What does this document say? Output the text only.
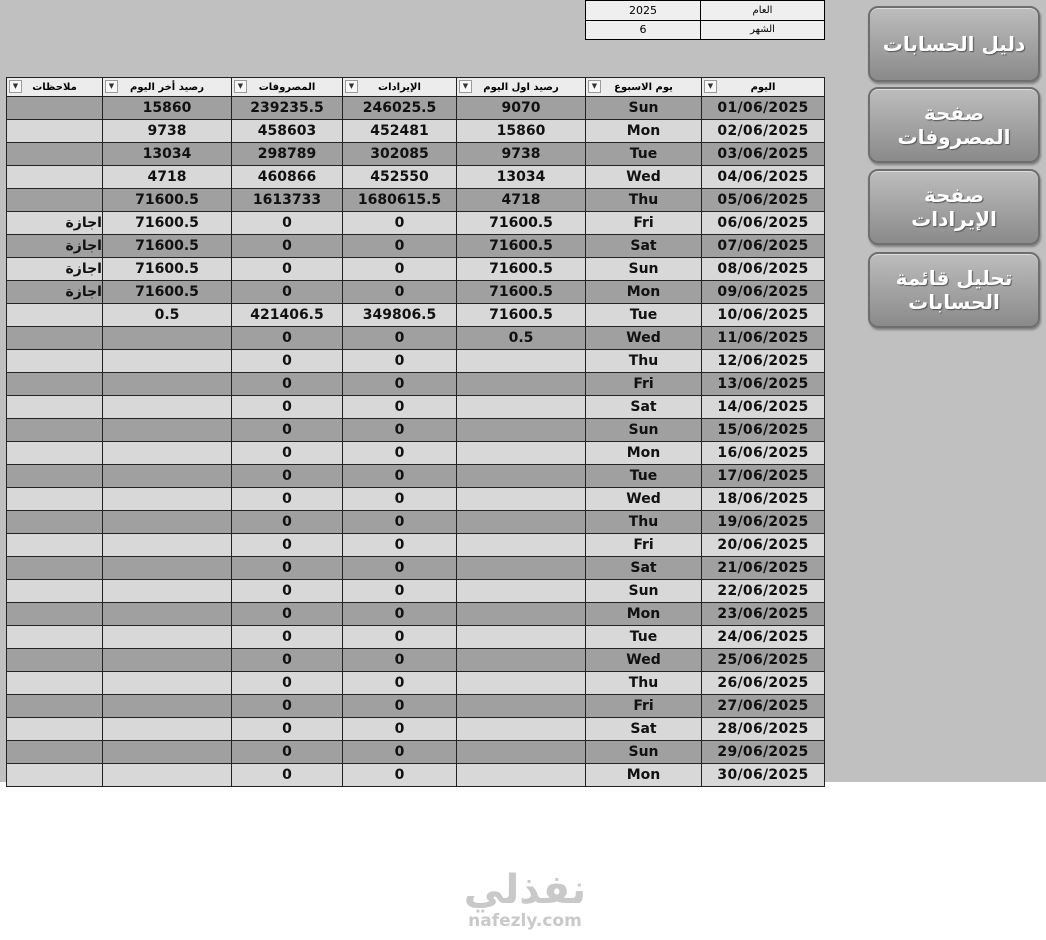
2025	العام
6	الشهر
▼ ملاحظات	▼ رصيد أخر اليوم	▼ المصروفات	▼ الإيرادات	▼ رصيد اول اليوم	▼ يوم الاسبوع	▼ اليوم
	15860	239235.5	246025.5	9070	Sun	01/06/2025
	9738	458603	452481	15860	Mon	02/06/2025
	13034	298789	302085	9738	Tue	03/06/2025
	4718	460866	452550	13034	Wed	04/06/2025
	71600.5	1613733	1680615.5	4718	Thu	05/06/2025
اجازة	71600.5	0	0	71600.5	Fri	06/06/2025
اجازة	71600.5	0	0	71600.5	Sat	07/06/2025
اجازة	71600.5	0	0	71600.5	Sun	08/06/2025
اجازة	71600.5	0	0	71600.5	Mon	09/06/2025
	0.5	421406.5	349806.5	71600.5	Tue	10/06/2025
		0	0	0.5	Wed	11/06/2025
		0	0		Thu	12/06/2025
		0	0		Fri	13/06/2025
		0	0		Sat	14/06/2025
		0	0		Sun	15/06/2025
		0	0		Mon	16/06/2025
		0	0		Tue	17/06/2025
		0	0		Wed	18/06/2025
		0	0		Thu	19/06/2025
		0	0		Fri	20/06/2025
		0	0		Sat	21/06/2025
		0	0		Sun	22/06/2025
		0	0		Mon	23/06/2025
		0	0		Tue	24/06/2025
		0	0		Wed	25/06/2025
		0	0		Thu	26/06/2025
		0	0		Fri	27/06/2025
		0	0		Sat	28/06/2025
		0	0		Sun	29/06/2025
		0	0		Mon	30/06/2025
دليل الحسابات
صفحة المصروفات
صفحة الإيرادات
تحليل قائمة الحسابات
نفذلي
nafezly.com
